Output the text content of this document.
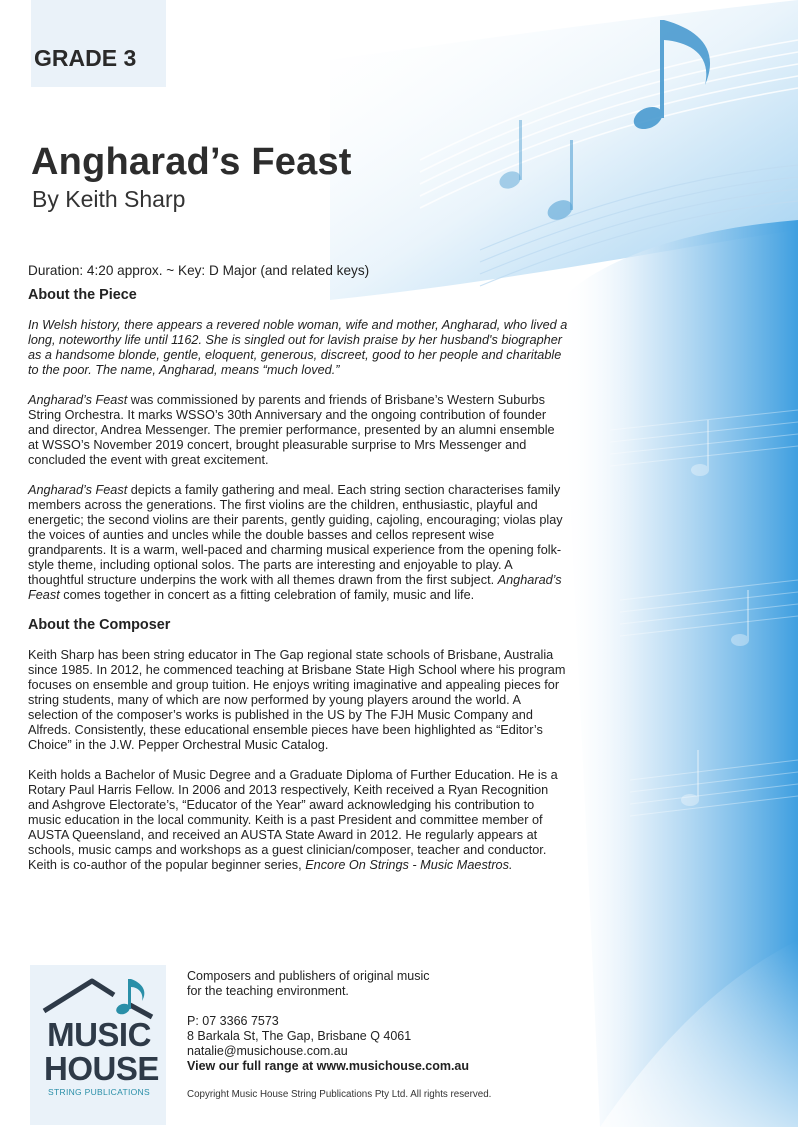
GRADE 3
Angharad’s Feast
By Keith Sharp

Duration: 4:20 approx. ~ Key: D Major (and related keys)

About the Piece

In Welsh history, there appears a revered noble woman, wife and mother, Angharad, who lived a long, noteworthy life until 1162. She is singled out for lavish praise by her husband's biographer as a handsome blonde, gentle, eloquent, generous, discreet, good to her people and charitable to the poor. The name, Angharad, means “much loved.”

Angharad’s Feast was commissioned by parents and friends of Brisbane’s Western Suburbs String Orchestra. It marks WSSO’s 30th Anniversary and the ongoing contribution of founder and director, Andrea Messenger. The premier performance, presented by an alumni ensemble at WSSO’s November 2019 concert, brought pleasurable surprise to Mrs Messenger and concluded the event with great excitement.

Angharad’s Feast depicts a family gathering and meal. Each string section characterises family members across the generations. The first violins are the children, enthusiastic, playful and energetic; the second violins are their parents, gently guiding, cajoling, encouraging; violas play the voices of aunties and uncles while the double basses and cellos represent wise grandparents. It is a warm, well-paced and charming musical experience from the opening folk-style theme, including optional solos. The parts are interesting and enjoyable to play. A thoughtful structure underpins the work with all themes drawn from the first subject. Angharad’s Feast comes together in concert as a fitting celebration of family, music and life.

About the Composer

Keith Sharp has been string educator in The Gap regional state schools of Brisbane, Australia since 1985. In 2012, he commenced teaching at Brisbane State High School where his program focuses on ensemble and group tuition. He enjoys writing imaginative and appealing pieces for string students, many of which are now performed by young players around the world. A selection of the composer’s works is published in the US by The FJH Music Company and Alfreds. Consistently, these educational ensemble pieces have been highlighted as “Editor’s Choice” in the J.W. Pepper Orchestral Music Catalog.

Keith holds a Bachelor of Music Degree and a Graduate Diploma of Further Education. He is a Rotary Paul Harris Fellow. In 2006 and 2013 respectively, Keith received a Ryan Recognition and Ashgrove Electorate’s, “Educator of the Year” award acknowledging his contribution to music education in the local community. Keith is a past President and committee member of AUSTA Queensland, and received an AUSTA State Award in 2012. He regularly appears at schools, music camps and workshops as a guest clinician/composer, teacher and conductor. Keith is co-author of the popular beginner series, Encore On Strings - Music Maestros.

MUSIC
HOUSE
STRING PUBLICATIONS

Composers and publishers of original music

for the teaching environment.

P: 07 3366 7573

8 Barkala St, The Gap, Brisbane Q 4061

natalie@musichouse.com.au

View our full range at www.musichouse.com.au

Copyright Music House String Publications Pty Ltd. All rights reserved.
